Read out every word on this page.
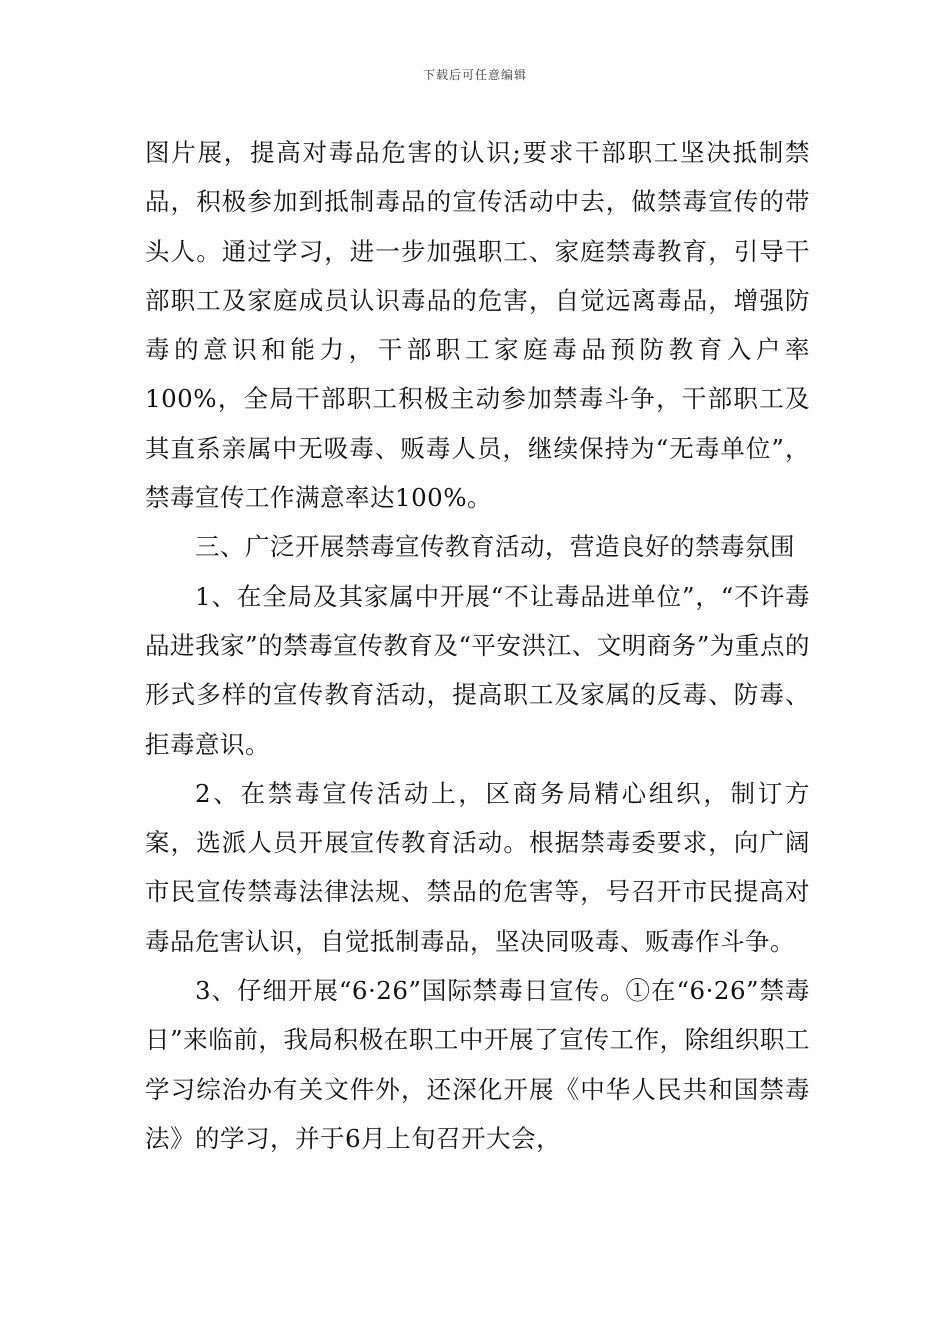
下载后可任意编辑

图片展，提高对毒品危害的认识;要求干部职工坚决抵制禁品，积极参加到抵制毒品的宣传活动中去，做禁毒宣传的带头人。通过学习，进一步加强职工、家庭禁毒教育，引导干部职工及家庭成员认识毒品的危害，自觉远离毒品，增强防毒的意识和能力，干部职工家庭毒品预防教育入户率100%，全局干部职工积极主动参加禁毒斗争，干部职工及其直系亲属中无吸毒、贩毒人员，继续保持为“无毒单位”，禁毒宣传工作满意率达100%。

三、广泛开展禁毒宣传教育活动，营造良好的禁毒氛围

1、在全局及其家属中开展“不让毒品进单位”，“不许毒品进我家”的禁毒宣传教育及“平安洪江、文明商务”为重点的形式多样的宣传教育活动，提高职工及家属的反毒、防毒、拒毒意识。

2、在禁毒宣传活动上，区商务局精心组织，制订方案，选派人员开展宣传教育活动。根据禁毒委要求，向广阔市民宣传禁毒法律法规、禁品的危害等，号召开市民提高对毒品危害认识，自觉抵制毒品，坚决同吸毒、贩毒作斗争。

3、仔细开展“6·26”国际禁毒日宣传。①在“6·26”禁毒日”来临前，我局积极在职工中开展了宣传工作，除组织职工学习综治办有关文件外，还深化开展《中华人民共和国禁毒法》的学习，并于6月上旬召开大会，
